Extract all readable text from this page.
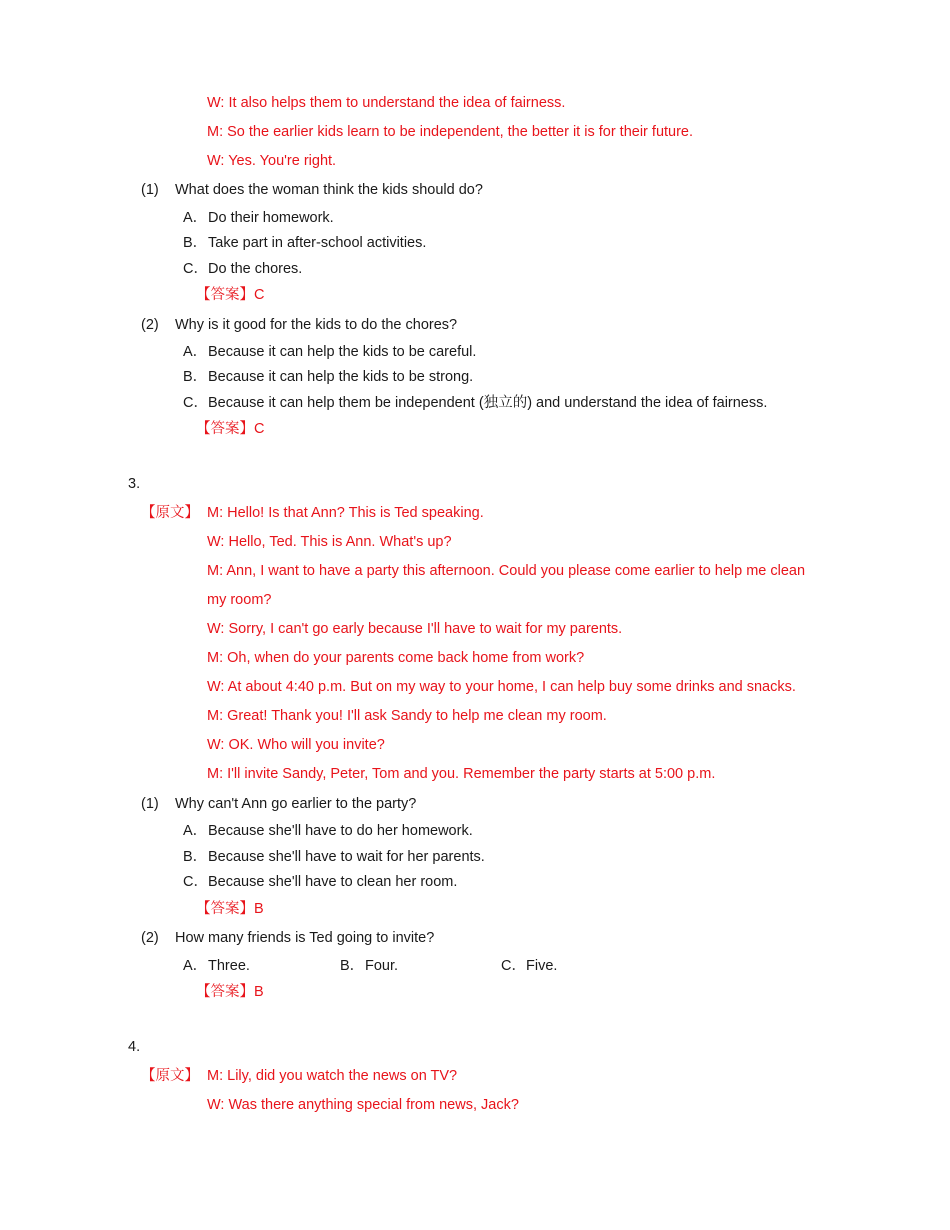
W: It also helps them to understand the idea of fairness.
M: So the earlier kids learn to be independent, the better it is for their future.
W: Yes. You're right.
(1) What does the woman think the kids should do?
A．Do their homework.
B．Take part in after-school activities.
C．Do the chores.
【答案】C
(2) Why is it good for the kids to do the chores?
A．Because it can help the kids to be careful.
B．Because it can help the kids to be strong.
C．Because it can help them be independent (独立的) and understand the idea of fairness.
【答案】C
3.
【原文】 M: Hello! Is that Ann? This is Ted speaking.
W: Hello, Ted. This is Ann. What's up?
M: Ann, I want to have a party this afternoon. Could you please come earlier to help me clean
my room?
W: Sorry, I can't go early because I'll have to wait for my parents.
M: Oh, when do your parents come back home from work?
W: At about 4:40 p.m. But on my way to your home, I can help buy some drinks and snacks.
M: Great! Thank you! I'll ask Sandy to help me clean my room.
W: OK. Who will you invite?
M: I'll invite Sandy, Peter, Tom and you. Remember the party starts at 5:00 p.m.
(1) Why can't Ann go earlier to the party?
A．Because she'll have to do her homework.
B．Because she'll have to wait for her parents.
C．Because she'll have to clean her room.
【答案】B
(2) How many friends is Ted going to invite?
A．Three.	B．Four.	C．Five.
【答案】B
4.
【原文】 M: Lily, did you watch the news on TV?
W: Was there anything special from news, Jack?
